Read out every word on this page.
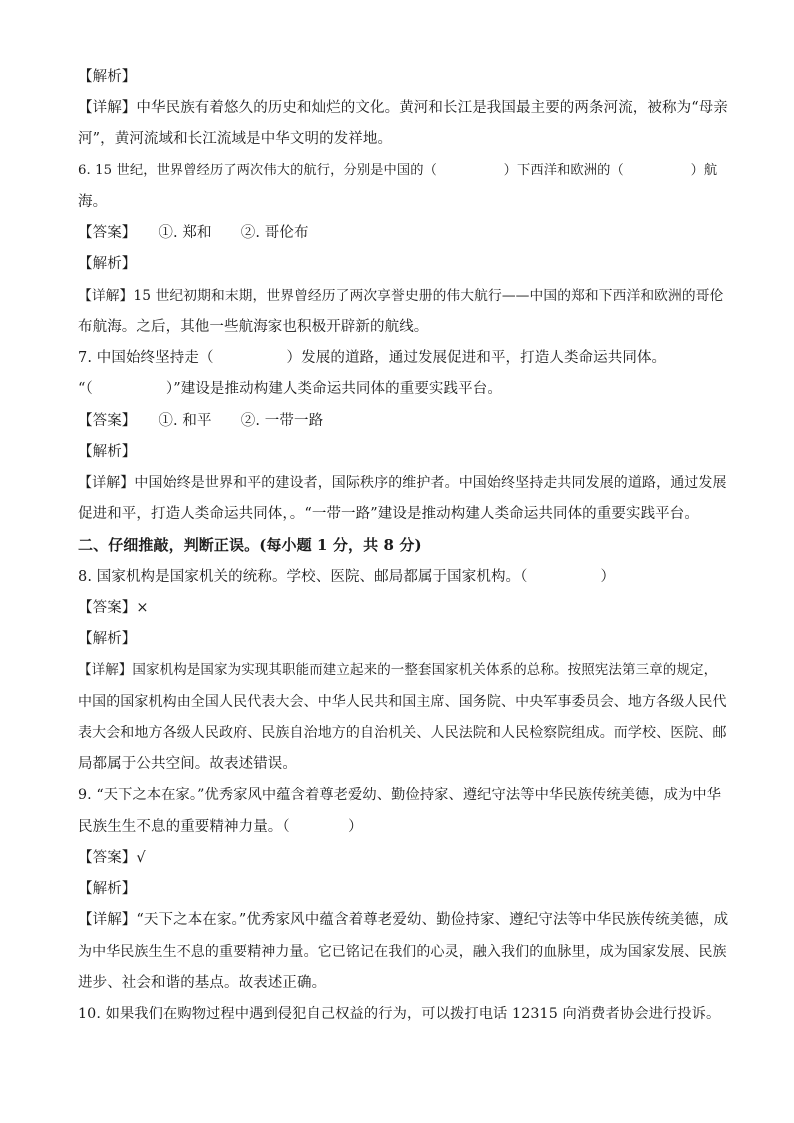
【解析】
【详解】中华民族有着悠久的历史和灿烂的文化。黄河和长江是我国最主要的两条河流，被称为“母亲
河”，黄河流域和长江流域是中华文明的发祥地。
6. 15 世纪，世界曾经历了两次伟大的航行，分别是中国的（　　　　　）下西洋和欧洲的（　　　　　）航
海。
【答案】　　①. 郑和　　②. 哥伦布
【解析】
【详解】15 世纪初期和末期，世界曾经历了两次享誉史册的伟大航行——中国的郑和下西洋和欧洲的哥伦
布航海。之后，其他一些航海家也积极开辟新的航线。
7. 中国始终坚持走（　　　　　）发展的道路，通过发展促进和平，打造人类命运共同体。
“（　　　　　）”建设是推动构建人类命运共同体的重要实践平台。
【答案】　　①. 和平　　②. 一带一路
【解析】
【详解】中国始终是世界和平的建设者，国际秩序的维护者。中国始终坚持走共同发展的道路，通过发展
促进和平，打造人类命运共同体，。“一带一路”建设是推动构建人类命运共同体的重要实践平台。
二、仔细推敲，判断正误。(每小题 1 分，共 8 分)
8. 国家机构是国家机关的统称。学校、医院、邮局都属于国家机构。（　　　　　）
【答案】×
【解析】
【详解】国家机构是国家为实现其职能而建立起来的一整套国家机关体系的总称。按照宪法第三章的规定，
中国的国家机构由全国人民代表大会、中华人民共和国主席、国务院、中央军事委员会、地方各级人民代
表大会和地方各级人民政府、民族自治地方的自治机关、人民法院和人民检察院组成。而学校、医院、邮
局都属于公共空间。故表述错误。
9. “天下之本在家。”优秀家风中蕴含着尊老爱幼、勤俭持家、遵纪守法等中华民族传统美德，成为中华
民族生生不息的重要精神力量。（　　　　）
【答案】√
【解析】
【详解】“天下之本在家。”优秀家风中蕴含着尊老爱幼、勤俭持家、遵纪守法等中华民族传统美德，成
为中华民族生生不息的重要精神力量。它已铭记在我们的心灵，融入我们的血脉里，成为国家发展、民族
进步、社会和谐的基点。故表述正确。
10. 如果我们在购物过程中遇到侵犯自己权益的行为，可以拨打电话 12315 向消费者协会进行投诉。
